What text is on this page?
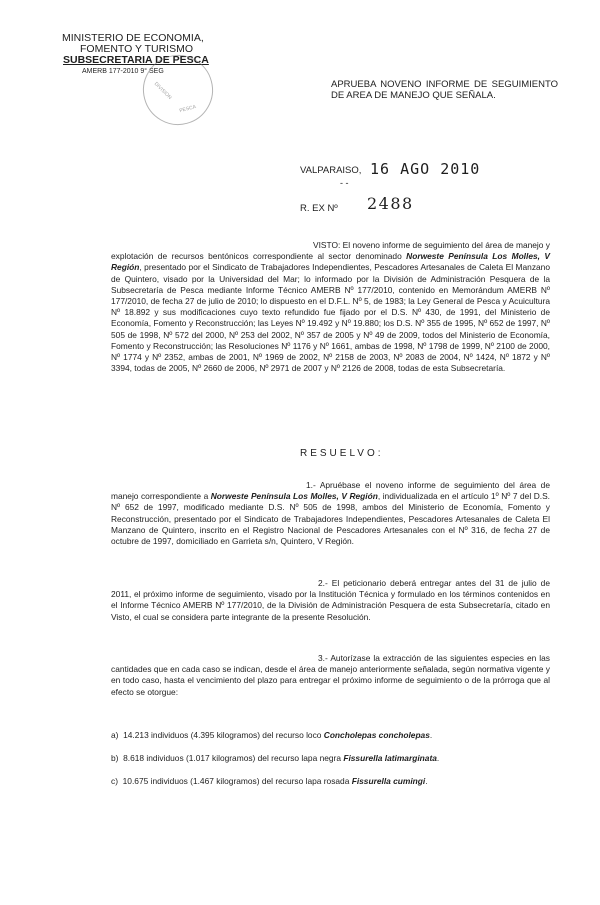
MINISTERIO DE ECONOMIA,
FOMENTO Y TURISMO
SUBSECRETARIA DE PESCA
AMERB 177-2010 9° SEG
DIVISION
PESCA
APRUEBA NOVENO INFORME DE SEGUIMIENTO DE AREA DE MANEJO QUE SEÑALA.
VALPARAISO, 16 AGO 2010
- -
R. EX Nº 2488
VISTO: El noveno informe de seguimiento del área de manejo y explotación de recursos bentónicos correspondiente al sector denominado Norweste Península Los Molles, V Región, presentado por el Sindicato de Trabajadores Independientes, Pescadores Artesanales de Caleta El Manzano de Quintero, visado por la Universidad del Mar; lo informado por la División de Administración Pesquera de la Subsecretaría de Pesca mediante Informe Técnico AMERB Nº 177/2010, contenido en Memorándum AMERB Nº 177/2010, de fecha 27 de julio de 2010; lo dispuesto en el D.F.L. Nº 5, de 1983; la Ley General de Pesca y Acuicultura Nº 18.892 y sus modificaciones cuyo texto refundido fue fijado por el D.S. Nº 430, de 1991, del Ministerio de Economía, Fomento y Reconstrucción; las Leyes Nº 19.492 y Nº 19.880; los D.S. Nº 355 de 1995, Nº 652 de 1997, Nº 505 de 1998, Nº 572 del 2000, Nº 253 del 2002, Nº 357 de 2005 y Nº 49 de 2009, todos del Ministerio de Economía, Fomento y Reconstrucción; las Resoluciones Nº 1176 y Nº 1661, ambas de 1998, Nº 1798 de 1999, Nº 2100 de 2000, Nº 1774 y Nº 2352, ambas de 2001, Nº 1969 de 2002, Nº 2158 de 2003, Nº 2083 de 2004, Nº 1424, Nº 1872 y Nº 3394, todas de 2005, Nº 2660 de 2006, Nº 2971 de 2007 y Nº 2126 de 2008, todas de esta Subsecretaría.
RESUELVO:
1.- Apruébase el noveno informe de seguimiento del área de manejo correspondiente a Norweste Península Los Molles, V Región, individualizada en el artículo 1º Nº 7 del D.S. Nº 652 de 1997, modificado mediante D.S. Nº 505 de 1998, ambos del Ministerio de Economía, Fomento y Reconstrucción, presentado por el Sindicato de Trabajadores Independientes, Pescadores Artesanales de Caleta El Manzano de Quintero, inscrito en el Registro Nacional de Pescadores Artesanales con el Nº 316, de fecha 27 de octubre de 1997, domiciliado en Garrieta s/n, Quintero, V Región.
2.- El peticionario deberá entregar antes del 31 de julio de 2011, el próximo informe de seguimiento, visado por la Institución Técnica y formulado en los términos contenidos en el Informe Técnico AMERB Nº 177/2010, de la División de Administración Pesquera de esta Subsecretaría, citado en Visto, el cual se considera parte integrante de la presente Resolución.
3.- Autorízase la extracción de las siguientes especies en las cantidades que en cada caso se indican, desde el área de manejo anteriormente señalada, según normativa vigente y en todo caso, hasta el vencimiento del plazo para entregar el próximo informe de seguimiento o de la prórroga que al efecto se otorgue:
a) 14.213 individuos (4.395 kilogramos) del recurso loco Concholepas concholepas.
b) 8.618 individuos (1.017 kilogramos) del recurso lapa negra Fissurella latimarginata.
c) 10.675 individuos (1.467 kilogramos) del recurso lapa rosada Fissurella cumingi.
